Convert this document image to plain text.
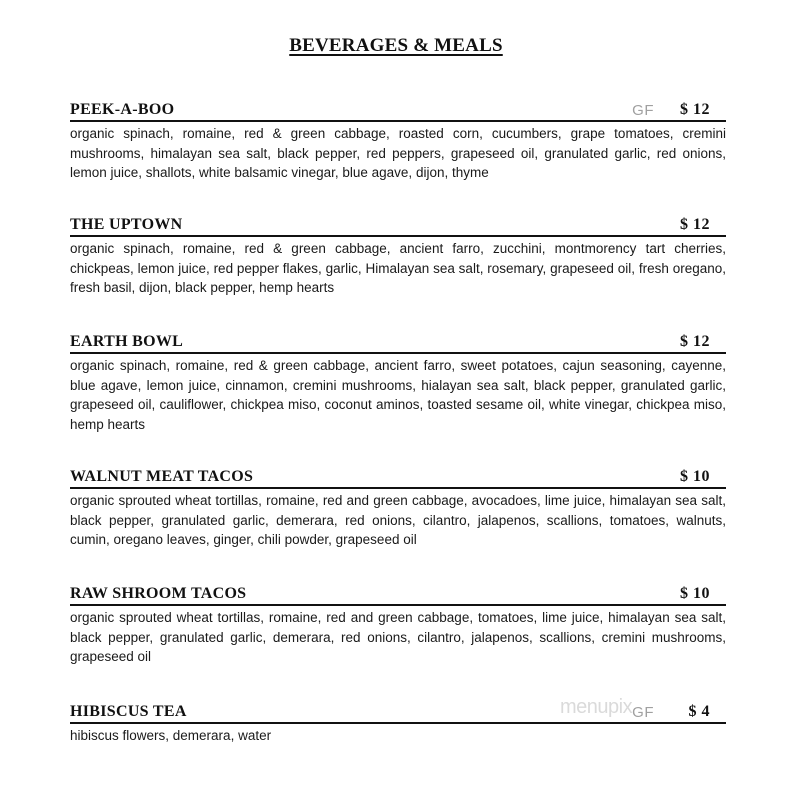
BEVERAGES & MEALS
PEEK-A-BOO	GF $ 12
organic spinach, romaine, red & green cabbage, roasted corn, cucumbers, grape tomatoes, cremini mushrooms, himalayan sea salt, black pepper, red peppers, grapeseed oil, granulated garlic, red onions, lemon juice, shallots, white balsamic vinegar, blue agave, dijon, thyme
THE UPTOWN	$ 12
organic spinach, romaine, red & green cabbage, ancient farro, zucchini, montmorency tart cherries, chickpeas, lemon juice, red pepper flakes, garlic, Himalayan sea salt, rosemary, grapeseed oil, fresh oregano, fresh basil, dijon, black pepper, hemp hearts
EARTH BOWL	$ 12
organic spinach, romaine, red & green cabbage, ancient farro, sweet potatoes, cajun seasoning, cayenne, blue agave, lemon juice, cinnamon, cremini mushrooms, hialayan sea salt, black pepper, granulated garlic, grapeseed oil, cauliflower, chickpea miso, coconut aminos, toasted sesame oil, white vinegar, chickpea miso, hemp hearts
WALNUT MEAT TACOS	$ 10
organic sprouted wheat tortillas, romaine, red and green cabbage, avocadoes, lime juice, himalayan sea salt, black pepper, granulated garlic, demerara, red onions, cilantro, jalapenos, scallions, tomatoes, walnuts, cumin, oregano leaves, ginger, chili powder, grapeseed oil
RAW SHROOM TACOS	$ 10
organic sprouted wheat tortillas, romaine, red and green cabbage, tomatoes, lime juice, himalayan sea salt, black pepper, granulated garlic, demerara, red onions, cilantro, jalapenos, scallions, cremini mushrooms, grapeseed oil
HIBISCUS TEA	GF $ 4
hibiscus flowers, demerara, water
menupix
